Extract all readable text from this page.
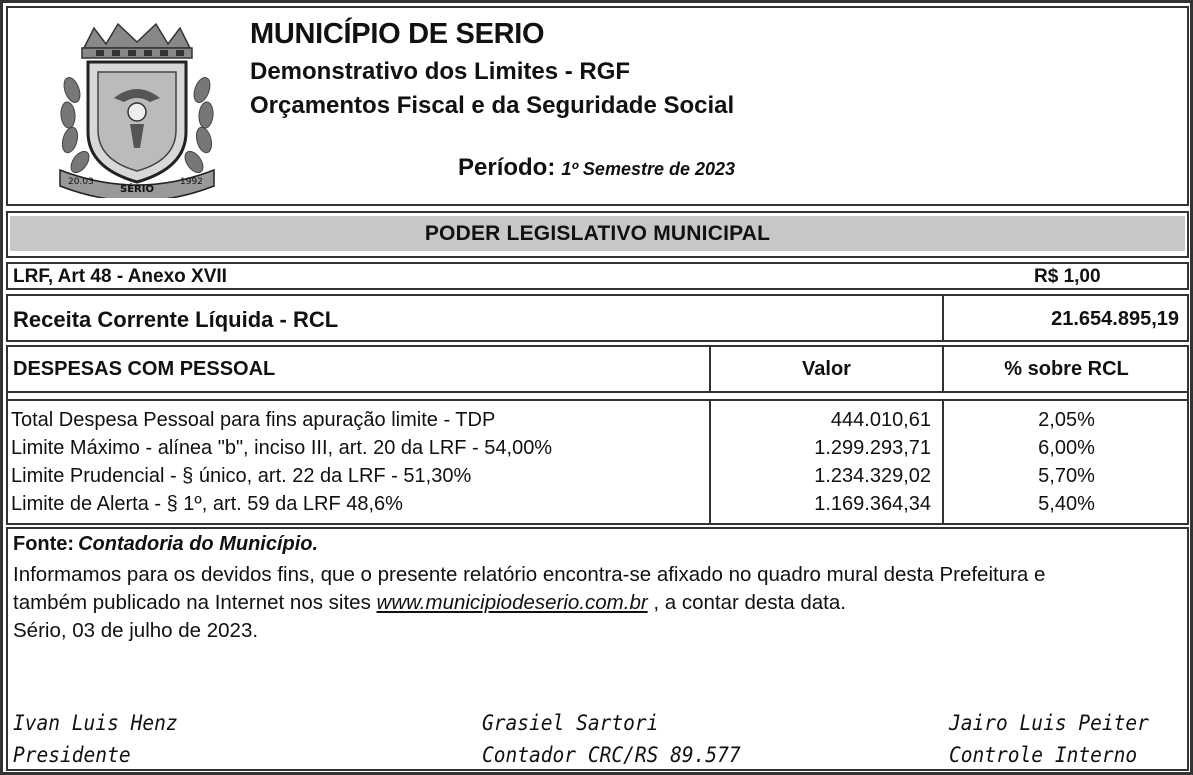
20.03
SÉRIO
1992
MUNICÍPIO DE SERIO
Demonstrativo dos Limites - RGF
Orçamentos Fiscal e da Seguridade Social
Período: 1º Semestre de 2023
PODER LEGISLATIVO MUNICIPAL
LRF, Art 48 - Anexo XVII	R$ 1,00
Receita Corrente Líquida - RCL	21.654.895,19
DESPESAS COM PESSOAL	Valor	% sobre RCL
Total Despesa Pessoal para fins apuração limite - TDP	444.010,61	2,05%
Limite Máximo - alínea "b", inciso III, art. 20 da LRF - 54,00%	1.299.293,71	6,00%
Limite Prudencial - § único, art. 22 da LRF - 51,30%	1.234.329,02	5,70%
Limite de Alerta - § 1º, art. 59 da LRF 48,6%	1.169.364,34	5,40%
Fonte: Contadoria do Município.
Informamos para os devidos fins, que o presente relatório encontra-se afixado no quadro mural desta Prefeitura e
também publicado na Internet nos sites www.municipiodeserio.com.br , a contar desta data.
Sério, 03 de julho de 2023.
Ivan Luis Henz
Presidente
Grasiel Sartori
Contador CRC/RS 89.577
Jairo Luis Peiter
Controle Interno
